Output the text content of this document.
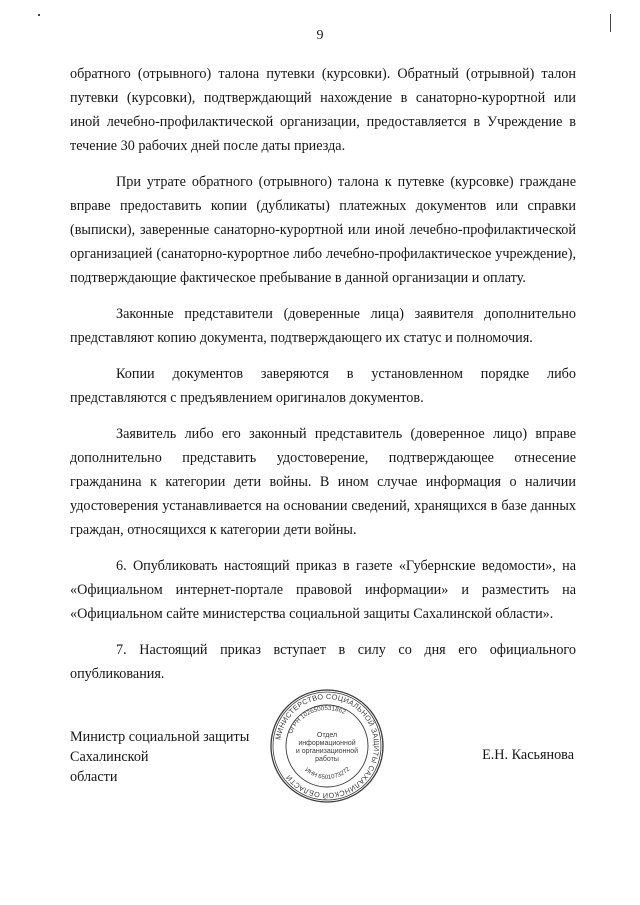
9

обратного (отрывного) талона путевки (курсовки). Обратный (отрывной) талон путевки (курсовки), подтверждающий нахождение в санаторно-курортной или иной лечебно-профилактической организации, предоставляется в Учреждение в течение 30 рабочих дней после даты приезда.

При утрате обратного (отрывного) талона к путевке (курсовке) граждане вправе предоставить копии (дубликаты) платежных документов или справки (выписки), заверенные санаторно-курортной или иной лечебно-профилактической организацией (санаторно-курортное либо лечебно-профилактическое учреждение), подтверждающие фактическое пребывание в данной организации и оплату.

Законные представители (доверенные лица) заявителя дополнительно представляют копию документа, подтверждающего их статус и полномочия.

Копии документов заверяются в установленном порядке либо представляются с предъявлением оригиналов документов.

Заявитель либо его законный представитель (доверенное лицо) вправе дополнительно представить удостоверение, подтверждающее отнесение гражданина к категории дети войны. В ином случае информация о наличии удостоверения устанавливается на основании сведений, хранящихся в базе данных граждан, относящихся к категории дети войны.

6. Опубликовать настоящий приказ в газете «Губернские ведомости», на «Официальном интернет-портале правовой информации» и разместить на «Официальном сайте министерства социальной защиты Сахалинской области».

7. Настоящий приказ вступает в силу со дня его официального опубликования.

МИНИСТЕРСТВО СОЦИАЛЬНОЙ ЗАЩИТЫ САХАЛИНСКОЙ ОБЛАСТИ
ОГРН 1026500531862
ИНН 6501073272
Отдел
информационной
и организационной
работы
Министр социальной защиты Сахалинской
области
Е.Н. Касьянова
